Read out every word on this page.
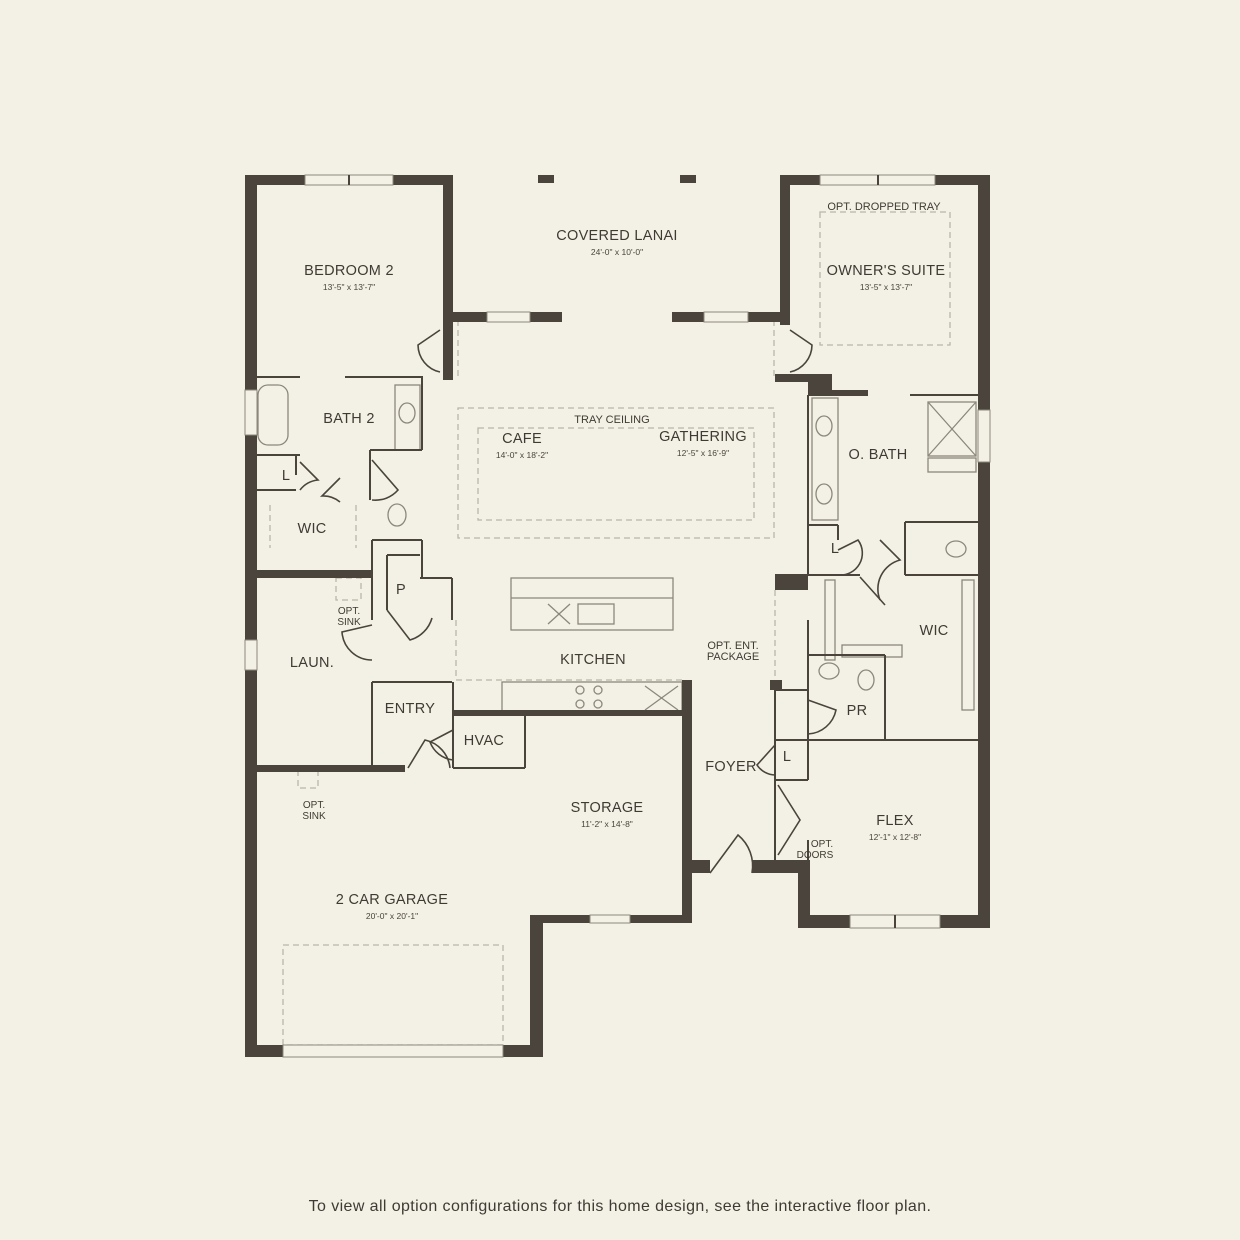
COVERED LANAI
24'-0" x 10'-0"
BEDROOM 2
13'-5" x 13'-7"
OPT. DROPPED TRAY
OWNER'S SUITE
13'-5" x 13'-7"
BATH 2	TRAY CEILING
CAFE
14'-0" x 18'-2"
GATHERING
12'-5" x 16'-9"	O. BATH
L
WIC
L
WIC
P
OPT.
SINK
LAUN.	KITCHEN
OPT. ENT.
PACKAGE
ENTRY
HVAC
PR
L
FOYER
OPT.
SINK
STORAGE
11'-2" x 14'-8"	FLEX
12'-1" x 12'-8"
OPT.
DOORS
2 CAR GARAGE
20'-0" x 20'-1"
To view all option configurations for this home design, see the interactive floor plan.
